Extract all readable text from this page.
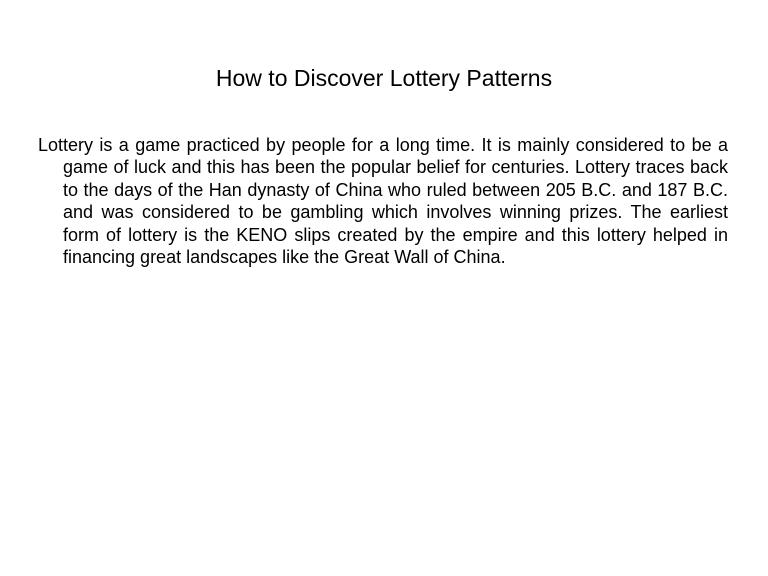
How to Discover Lottery Patterns

Lottery is a game practiced by people for a long time. It is mainly considered to be a game of luck and this has been the popular belief for centuries. Lottery traces back to the days of the Han dynasty of China who ruled between 205 B.C. and 187 B.C. and was considered to be gambling which involves winning prizes. The earliest form of lottery is the KENO slips created by the empire and this lottery helped in financing great landscapes like the Great Wall of China.
